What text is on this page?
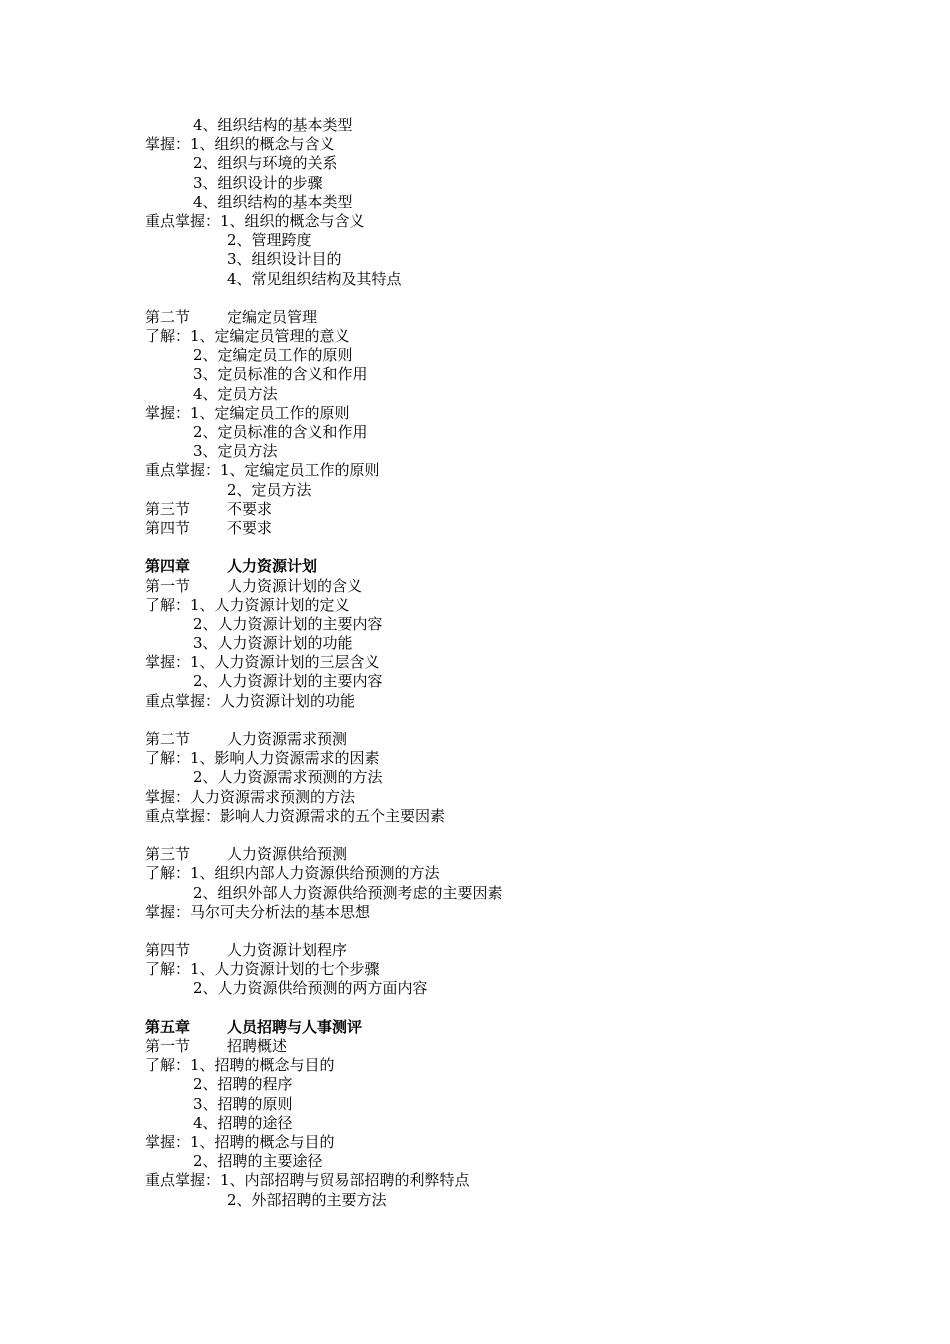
4、组织结构的基本类型
掌握：1、组织的概念与含义
2、组织与环境的关系
3、组织设计的步骤
4、组织结构的基本类型
重点掌握：1、组织的概念与含义
2、管理跨度
3、组织设计目的
4、常见组织结构及其特点
第二节 定编定员管理
了解：1、定编定员管理的意义
2、定编定员工作的原则
3、定员标准的含义和作用
4、定员方法
掌握：1、定编定员工作的原则
2、定员标准的含义和作用
3、定员方法
重点掌握：1、定编定员工作的原则
2、定员方法
第三节 不要求
第四节 不要求
第四章 人力资源计划
第一节 人力资源计划的含义
了解：1、人力资源计划的定义
2、人力资源计划的主要内容
3、人力资源计划的功能
掌握：1、人力资源计划的三层含义
2、人力资源计划的主要内容
重点掌握：人力资源计划的功能
第二节 人力资源需求预测
了解：1、影响人力资源需求的因素
2、人力资源需求预测的方法
掌握：人力资源需求预测的方法
重点掌握：影响人力资源需求的五个主要因素
第三节 人力资源供给预测
了解：1、组织内部人力资源供给预测的方法
2、组织外部人力资源供给预测考虑的主要因素
掌握：马尔可夫分析法的基本思想
第四节 人力资源计划程序
了解：1、人力资源计划的七个步骤
2、人力资源供给预测的两方面内容
第五章 人员招聘与人事测评
第一节 招聘概述
了解：1、招聘的概念与目的
2、招聘的程序
3、招聘的原则
4、招聘的途径
掌握：1、招聘的概念与目的
2、招聘的主要途径
重点掌握：1、内部招聘与贸易部招聘的利弊特点
2、外部招聘的主要方法
